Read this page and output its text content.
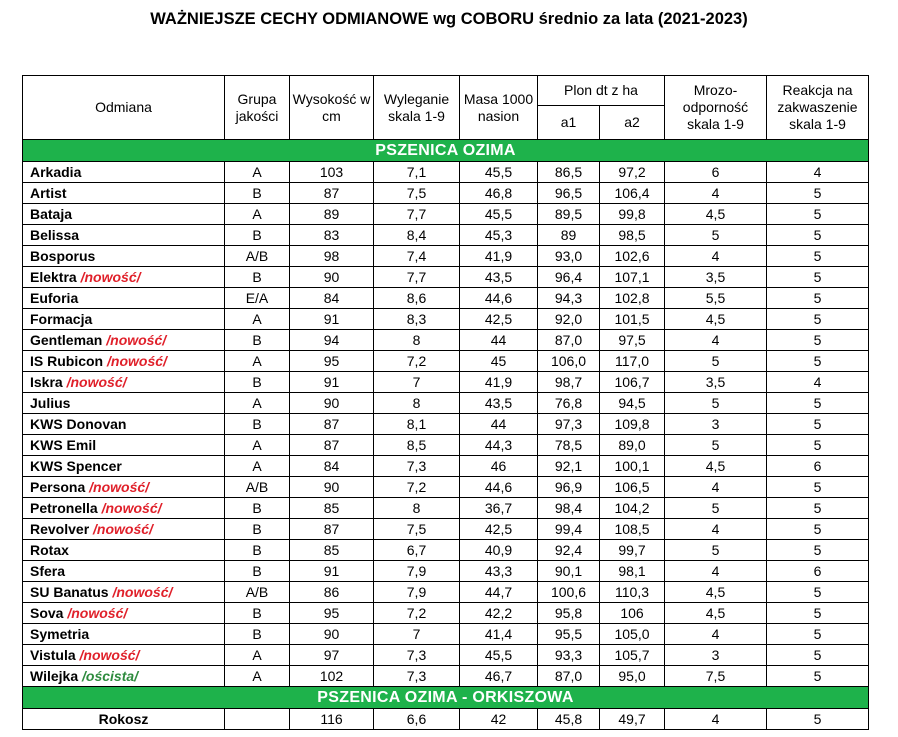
WAŻNIEJSZE CECHY ODMIANOWE wg COBORU średnio za lata (2021-2023)
Odmiana	Grupa jakości	Wysokość w cm	Wyleganie skala 1-9	Masa 1000 nasion	Plon dt z ha		Mrozo-odporność skala 1-9	Reakcja na zakwaszenie skala 1-9
					a1	a2		
PSZENICA OZIMA								
Arkadia	A	103	7,1	45,5	86,5	97,2	6	4
Artist	B	87	7,5	46,8	96,5	106,4	4	5
Bataja	A	89	7,7	45,5	89,5	99,8	4,5	5
Belissa	B	83	8,4	45,3	89	98,5	5	5
Bosporus	A/B	98	7,4	41,9	93,0	102,6	4	5
Elektra /nowość/	B	90	7,7	43,5	96,4	107,1	3,5	5
Euforia	E/A	84	8,6	44,6	94,3	102,8	5,5	5
Formacja	A	91	8,3	42,5	92,0	101,5	4,5	5
Gentleman /nowość/	B	94	8	44	87,0	97,5	4	5
IS Rubicon /nowość/	A	95	7,2	45	106,0	117,0	5	5
Iskra /nowość/	B	91	7	41,9	98,7	106,7	3,5	4
Julius	A	90	8	43,5	76,8	94,5	5	5
KWS Donovan	B	87	8,1	44	97,3	109,8	3	5
KWS Emil	A	87	8,5	44,3	78,5	89,0	5	5
KWS Spencer	A	84	7,3	46	92,1	100,1	4,5	6
Persona /nowość/	A/B	90	7,2	44,6	96,9	106,5	4	5
Petronella /nowość/	B	85	8	36,7	98,4	104,2	5	5
Revolver /nowość/	B	87	7,5	42,5	99,4	108,5	4	5
Rotax	B	85	6,7	40,9	92,4	99,7	5	5
Sfera	B	91	7,9	43,3	90,1	98,1	4	6
SU Banatus /nowość/	A/B	86	7,9	44,7	100,6	110,3	4,5	5
Sova /nowość/	B	95	7,2	42,2	95,8	106	4,5	5
Symetria	B	90	7	41,4	95,5	105,0	4	5
Vistula /nowość/	A	97	7,3	45,5	93,3	105,7	3	5
Wilejka /oścista/	A	102	7,3	46,7	87,0	95,0	7,5	5
PSZENICA OZIMA - ORKISZOWA								
Rokosz		116	6,6	42	45,8	49,7	4	5
